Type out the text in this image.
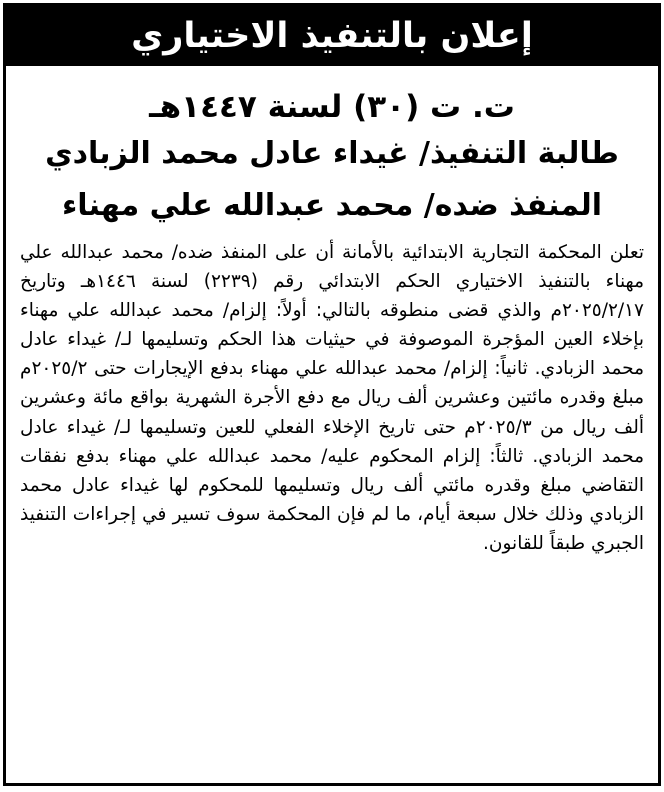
إعلان بالتنفيذ الاختياري

ت. ت (٣٠) لسنة ١٤٤٧هـ

طالبة التنفيذ/ غيداء عادل محمد الزبادي

المنفذ ضده/ محمد عبدالله علي مهناء

تعلن المحكمة التجارية الابتدائية بالأمانة أن على المنفذ ضده/ محمد عبدالله علي مهناء بالتنفيذ الاختياري الحكم الابتدائي رقم (٢٢٣٩) لسنة ١٤٤٦هـ وتاريخ ٢٠٢٥/٢/١٧م والذي قضى منطوقه بالتالي: أولاً: إلزام/ محمد عبدالله علي مهناء بإخلاء العين المؤجرة الموصوفة في حيثيات هذا الحكم وتسليمها لـ/ غيداء عادل محمد الزبادي. ثانياً: إلزام/ محمد عبدالله علي مهناء بدفع الإيجارات حتى ٢٠٢٥/٢م مبلغ وقدره مائتين وعشرين ألف ريال مع دفع الأجرة الشهرية بواقع مائة وعشرين ألف ريال من ٢٠٢٥/٣م حتى تاريخ الإخلاء الفعلي للعين وتسليمها لـ/ غيداء عادل محمد الزبادي. ثالثاً: إلزام المحكوم عليه/ محمد عبدالله علي مهناء بدفع نفقات التقاضي مبلغ وقدره مائتي ألف ريال وتسليمها للمحكوم لها غيداء عادل محمد الزبادي وذلك خلال سبعة أيام، ما لم فإن المحكمة سوف تسير في إجراءات التنفيذ الجبري طبقاً للقانون.
